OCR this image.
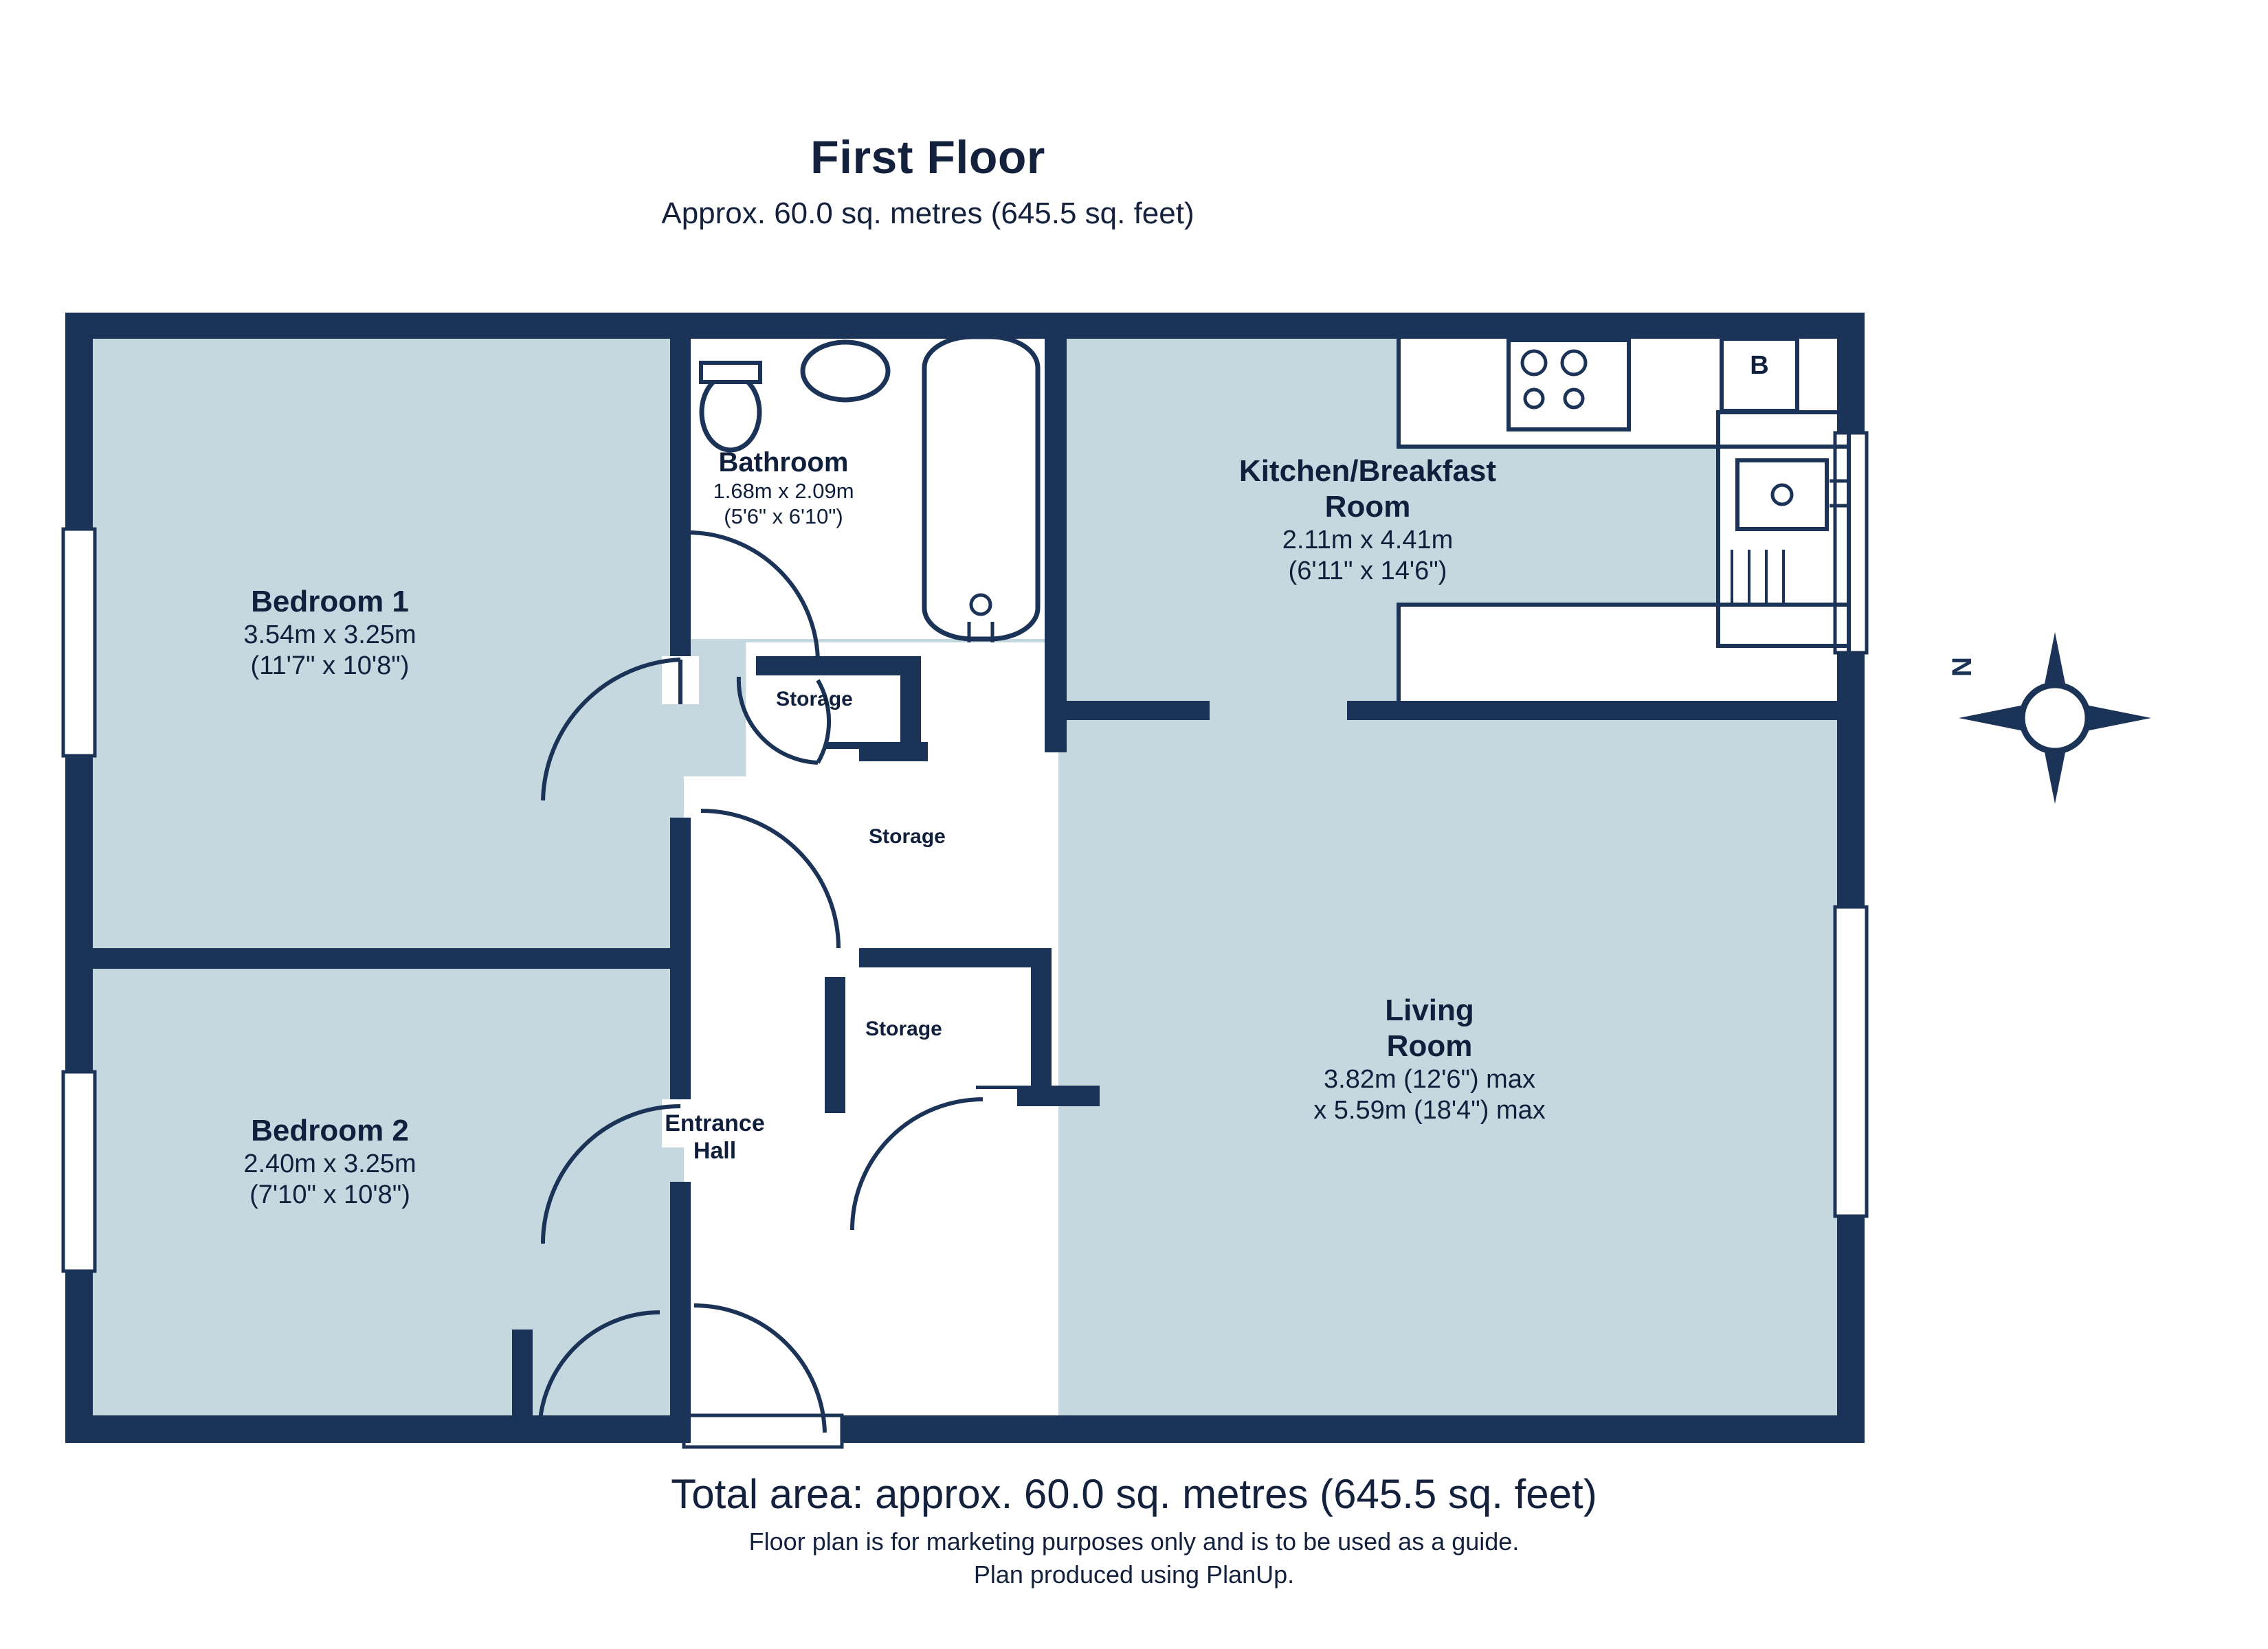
First Floor
Approx. 60.0 sq. metres (645.5 sq. feet)
N
Bedroom 1
3.54m x 3.25m
(11'7" x 10'8")
Bedroom 2
2.40m x 3.25m
(7'10" x 10'8")
Bathroom
1.68m x 2.09m
(5'6" x 6'10")
Kitchen/Breakfast
Room
2.11m x 4.41m
(6'11" x 14'6")
Living
Room
3.82m (12'6") max
x 5.59m (18'4") max
Entrance
Hall
Storage
Storage
Storage
B
Total area: approx. 60.0 sq. metres (645.5 sq. feet)
Floor plan is for marketing purposes only and is to be used as a guide.
Plan produced using PlanUp.
